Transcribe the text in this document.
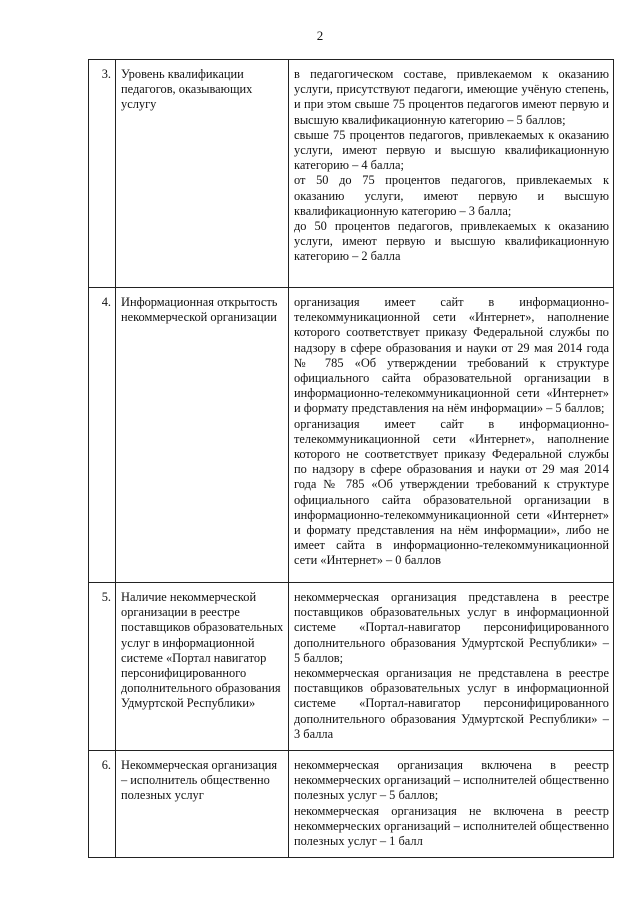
2
3.	Уровень квалификации педагогов, оказывающих услугу	в педагогическом составе, привлекаемом к оказанию услуги, присутствуют педагоги, имеющие учёную степень, и при этом свыше 75 процентов педагогов имеют первую и высшую квалификационную категорию – 5 баллов;

свыше 75 процентов педагогов, привлекаемых к оказанию услуги, имеют первую и высшую квалификационную категорию – 4 балла;

от 50 до 75 процентов педагогов, привлекаемых к оказанию услуги, имеют первую и высшую квалификационную категорию – 3 балла;

до 50 процентов педагогов, привлекаемых к оказанию услуги, имеют первую и высшую квалификационную категорию – 2 балла

4.	Информационная открытость некоммерческой организации	организация имеет сайт в информационно-телекоммуникационной сети «Интернет», наполнение которого соответствует приказу Федеральной службы по надзору в сфере образования и науки от 29 мая 2014 года № 785 «Об утверждении требований к структуре официального сайта образовательной организации в информационно-телекоммуникационной сети «Интернет» и формату представления на нём информации» – 5 баллов;

организация имеет сайт в информационно-телекоммуникационной сети «Интернет», наполнение которого не соответствует приказу Федеральной службы по надзору в сфере образования и науки от 29 мая 2014 года № 785 «Об утверждении требований к структуре официального сайта образовательной организации в информационно-телекоммуникационной сети «Интернет» и формату представления на нём информации», либо не имеет сайта в информационно-телекоммуникационной сети «Интернет» – 0 баллов

5.	Наличие некоммерческой организации в реестре поставщиков образовательных услуг в информационной системе «Портал навигатор персонифицированного дополнительного образования Удмуртской Республики»	некоммерческая организация представлена в реестре поставщиков образовательных услуг в информационной системе «Портал-навигатор персонифицированного дополнительного образования Удмуртской Республики» – 5 баллов;

некоммерческая организация не представлена в реестре поставщиков образовательных услуг в информационной системе «Портал-навигатор персонифицированного дополнительного образования Удмуртской Республики» – 3 балла

6.	Некоммерческая организация – исполнитель общественно полезных услуг	некоммерческая организация включена в реестр некоммерческих организаций – исполнителей общественно полезных услуг – 5 баллов;

некоммерческая организация не включена в реестр некоммерческих организаций – исполнителей общественно полезных услуг – 1 балл
